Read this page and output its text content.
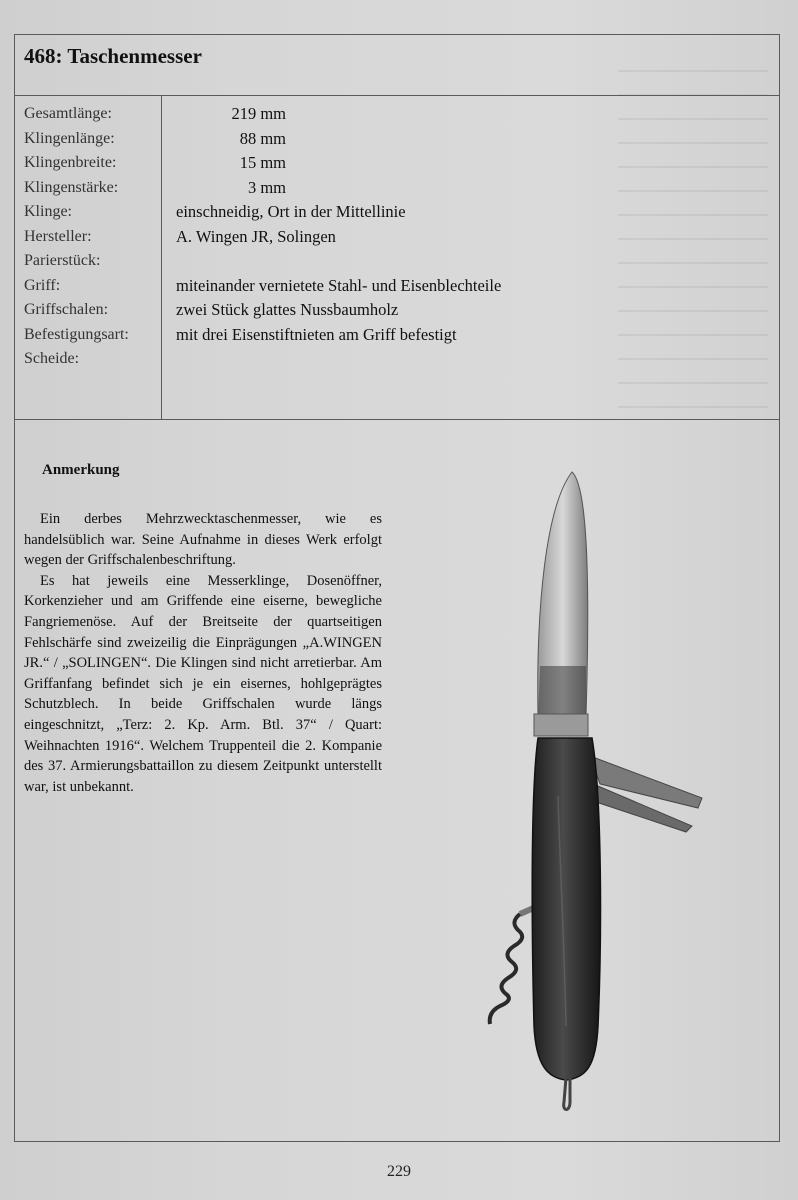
468: Taschenmesser
Gesamtlänge:
Klingenlänge:
Klingenbreite:
Klingenstärke:
Klinge:
Hersteller:
Parierstück:
Griff:
Griffschalen:
Befestigungsart:
Scheide:
219 mm
88 mm
15 mm
3 mm
einschneidig, Ort in der Mittellinie
A. Wingen JR, Solingen

miteinander vernietete Stahl- und Eisenblechteile
zwei Stück glattes Nussbaumholz
mit drei Eisenstiftnieten am Griff befestigt

Anmerkung

Ein derbes Mehrzwecktaschenmesser, wie es handelsüblich war. Seine Aufnahme in dieses Werk erfolgt wegen der Griffschalenbeschriftung.

Es hat jeweils eine Messerklinge, Dosenöffner, Korkenzieher und am Griffende eine eiserne, bewegliche Fangriemenöse. Auf der Breitseite der quartseitigen Fehlschärfe sind zweizeilig die Einprägungen „A.WINGEN JR.“ / „SOLINGEN“. Die Klingen sind nicht arretierbar. Am Griffanfang befindet sich je ein eisernes, hohlgeprägtes Schutzblech. In beide Griffschalen wurde längs eingeschnitzt, „Terz: 2. Kp. Arm. Btl. 37“ / Quart: Weihnachten 1916“. Welchem Truppenteil die 2. Kompanie des 37. Armierungsbattaillon zu diesem Zeitpunkt unterstellt war, ist unbekannt.

229
